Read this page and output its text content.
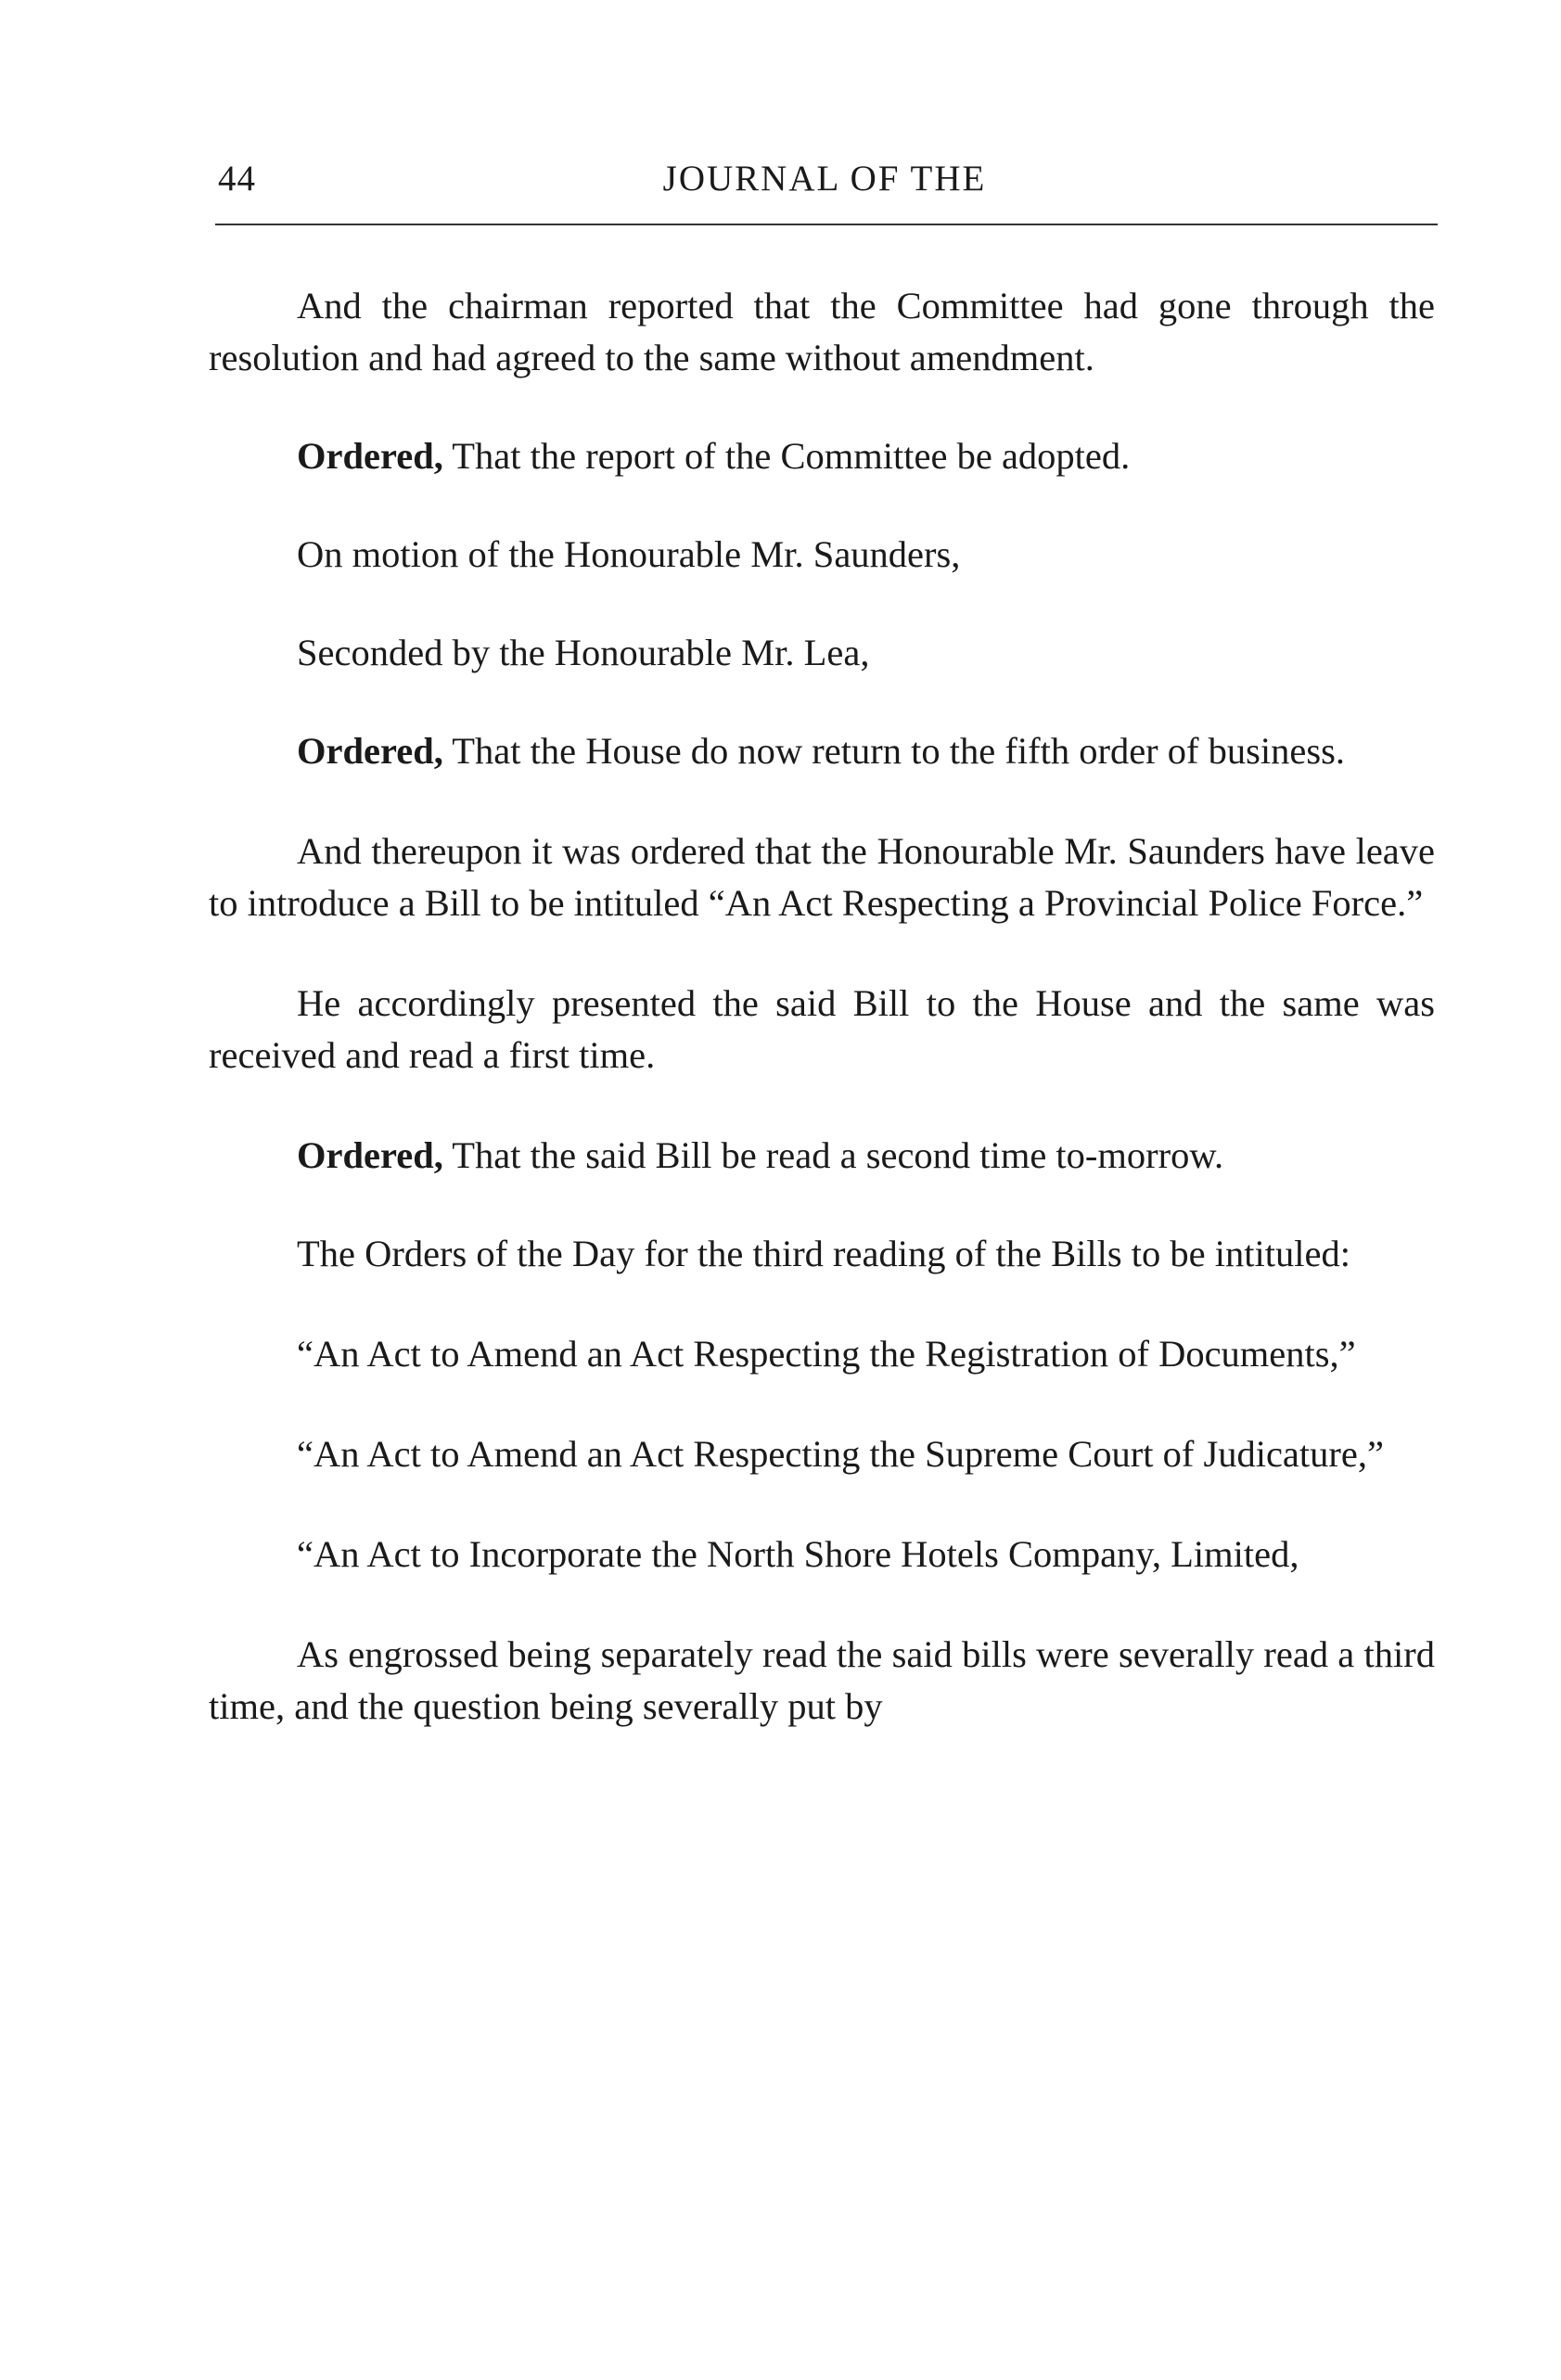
44	JOURNAL OF THE

And the chairman reported that the Committee had gone through the resolution and had agreed to the same without amendment.

Ordered, That the report of the Committee be adopted.

On motion of the Honourable Mr. Saunders,

Seconded by the Honourable Mr. Lea,

Ordered, That the House do now return to the fifth order of business.

And thereupon it was ordered that the Honourable Mr. Saunders have leave to introduce a Bill to be intituled “An Act Respecting a Provincial Police Force.”

He accordingly presented the said Bill to the House and the same was received and read a first time.

Ordered, That the said Bill be read a second time to-morrow.

The Orders of the Day for the third reading of the Bills to be intituled:

“An Act to Amend an Act Respecting the Registration of Documents,”

“An Act to Amend an Act Respecting the Supreme Court of Judicature,”

“An Act to Incorporate the North Shore Hotels Company, Limited,

As engrossed being separately read the said bills were severally read a third time, and the question being severally put by
